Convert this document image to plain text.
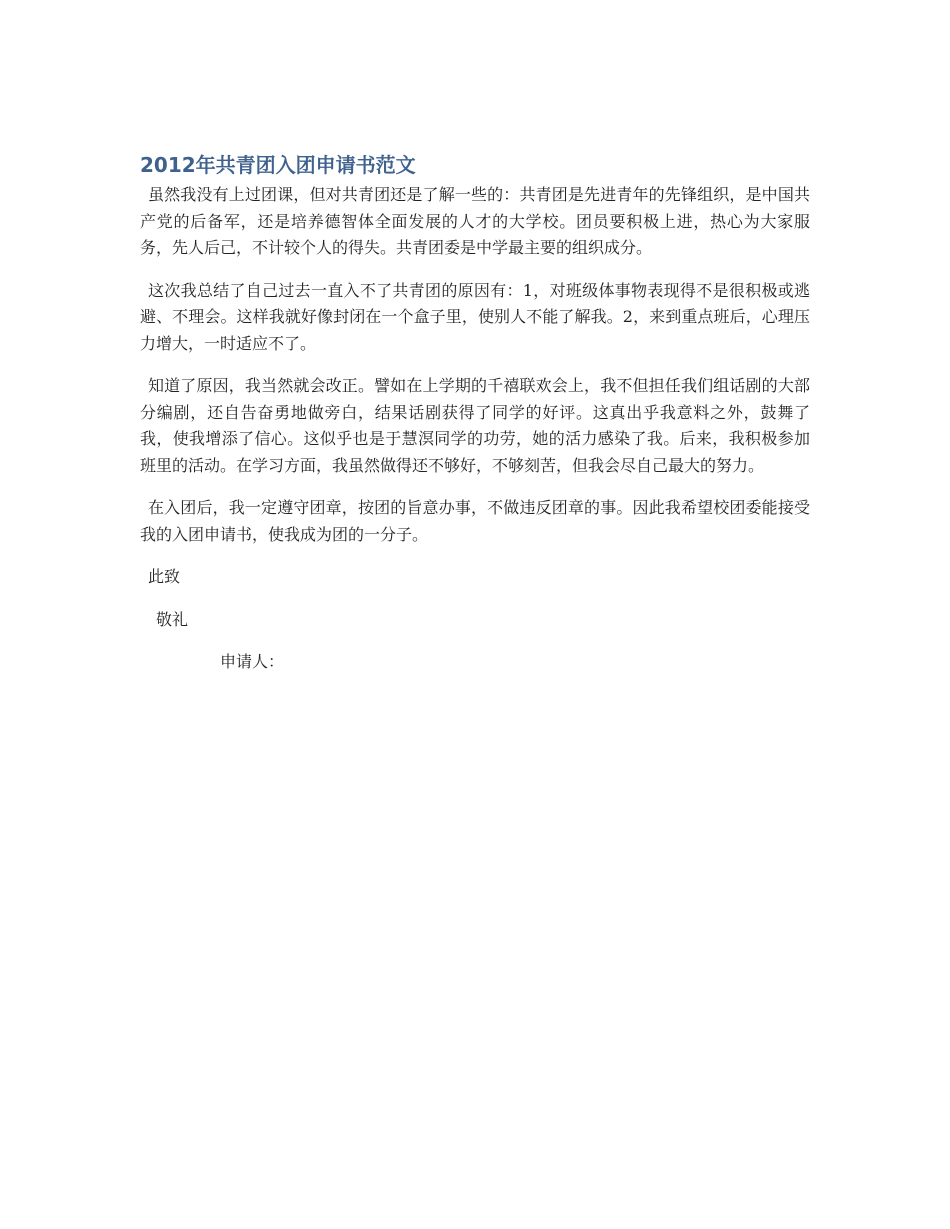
2012年共青团入团申请书范文

虽然我没有上过团课，但对共青团还是了解一些的：共青团是先进青年的先锋组织，是中国共产党的后备军，还是培养德智体全面发展的人才的大学校。团员要积极上进，热心为大家服务，先人后己，不计较个人的得失。共青团委是中学最主要的组织成分。

这次我总结了自己过去一直入不了共青团的原因有：1，对班级体事物表现得不是很积极或逃避、不理会。这样我就好像封闭在一个盒子里，使别人不能了解我。2，来到重点班后，心理压力增大，一时适应不了。

知道了原因，我当然就会改正。譬如在上学期的千禧联欢会上，我不但担任我们组话剧的大部分编剧，还自告奋勇地做旁白，结果话剧获得了同学的好评。这真出乎我意料之外，鼓舞了我，使我增添了信心。这似乎也是于慧溟同学的功劳，她的活力感染了我。后来，我积极参加班里的活动。在学习方面，我虽然做得还不够好，不够刻苦，但我会尽自己最大的努力。

在入团后，我一定遵守团章，按团的旨意办事，不做违反团章的事。因此我希望校团委能接受我的入团申请书，使我成为团的一分子。

此致

敬礼

申请人：
